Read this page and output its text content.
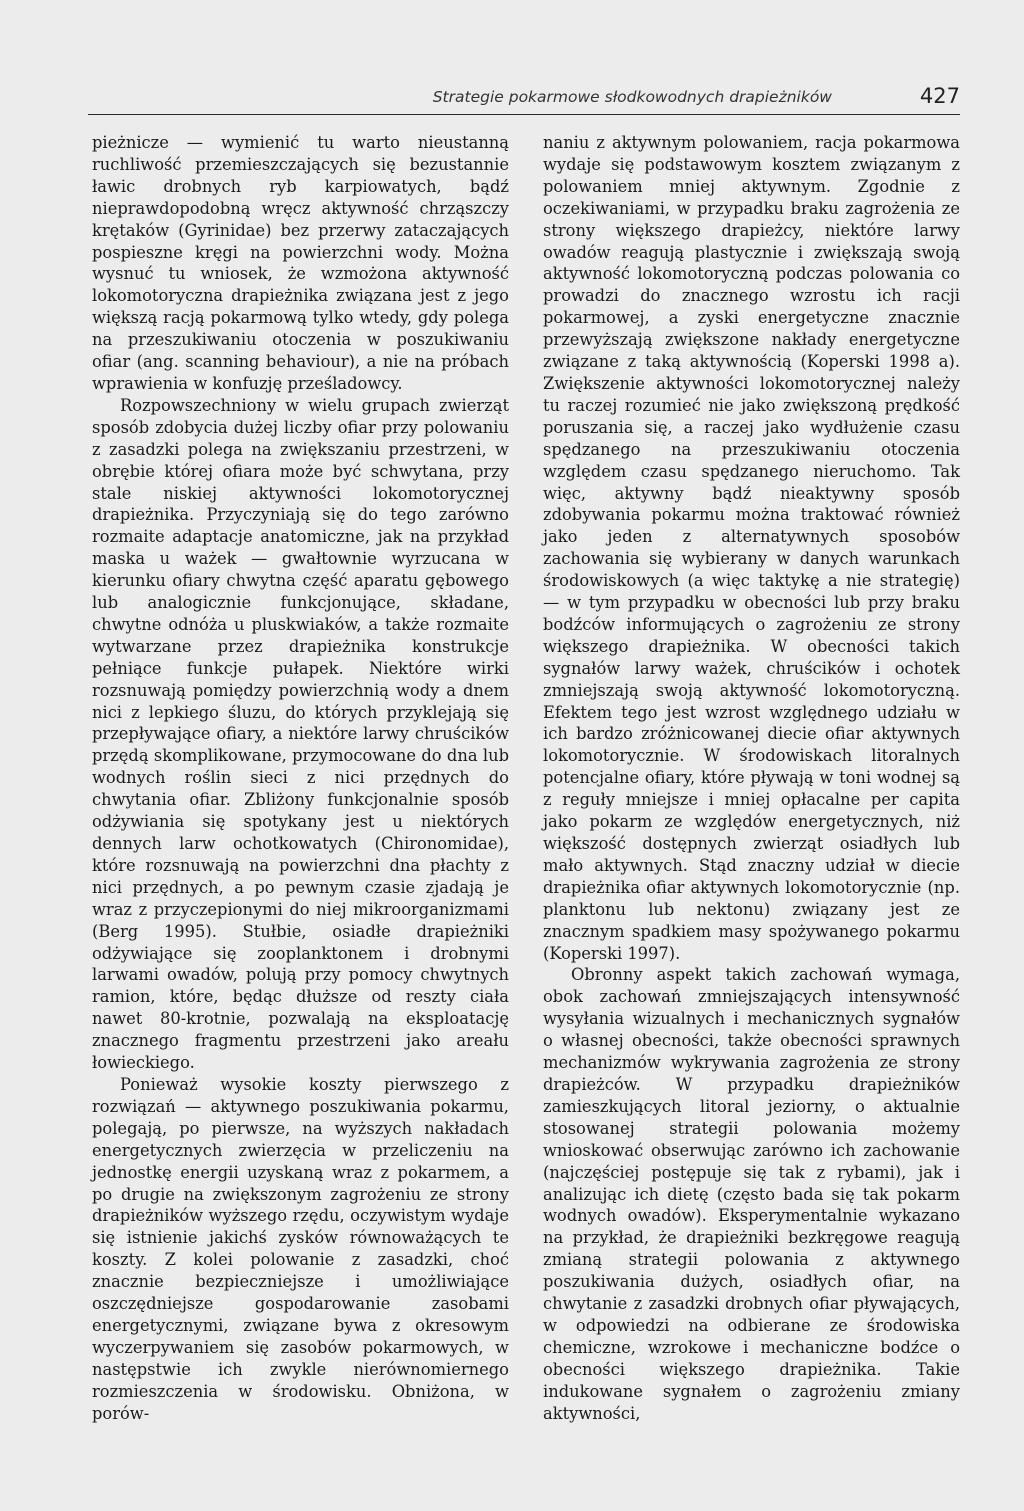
Strategie pokarmowe słodkowodnych drapieżników	427

pieżnicze — wymienić tu warto nieustanną ruchliwość przemieszczających się bezustannie ławic drobnych ryb karpiowatych, bądź nieprawdopodobną wręcz aktywność chrząszczy krętaków (Gyrinidae) bez przerwy zataczających pospieszne kręgi na powierzchni wody. Można wysnuć tu wniosek, że wzmożona aktywność lokomotoryczna drapieżnika związana jest z jego większą racją pokarmową tylko wtedy, gdy polega na przeszukiwaniu otoczenia w poszukiwaniu ofiar (ang. scanning behaviour), a nie na próbach wprawienia w konfuzję prześladowcy.

Rozpowszechniony w wielu grupach zwierząt sposób zdobycia dużej liczby ofiar przy polowaniu z zasadzki polega na zwiększaniu przestrzeni, w obrębie której ofiara może być schwytana, przy stale niskiej aktywności lokomotorycznej drapieżnika. Przyczyniają się do tego zarówno rozmaite adaptacje anatomiczne, jak na przykład maska u ważek — gwałtownie wyrzucana w kierunku ofiary chwytna część aparatu gębowego lub analogicznie funkcjonujące, składane, chwytne odnóża u pluskwiaków, a także rozmaite wytwarzane przez drapieżnika konstrukcje pełniące funkcje pułapek. Niektóre wirki rozsnuwają pomiędzy powierzchnią wody a dnem nici z lepkiego śluzu, do których przyklejają się przepływające ofiary, a niektóre larwy chruścików przędą skomplikowane, przymocowane do dna lub wodnych roślin sieci z nici przędnych do chwytania ofiar. Zbliżony funkcjonalnie sposób odżywiania się spotykany jest u niektórych dennych larw ochotkowatych (Chironomidae), które rozsnuwają na powierzchni dna płachty z nici przędnych, a po pewnym czasie zjadają je wraz z przyczepionymi do niej mikroorganizmami (Berg 1995). Stułbie, osiadłe drapieżniki odżywiające się zooplanktonem i drobnymi larwami owadów, polują przy pomocy chwytnych ramion, które, będąc dłuższe od reszty ciała nawet 80-krotnie, pozwalają na eksploatację znacznego fragmentu przestrzeni jako areału łowieckiego.

Ponieważ wysokie koszty pierwszego z rozwiązań — aktywnego poszukiwania pokarmu, polegają, po pierwsze, na wyższych nakładach energetycznych zwierzęcia w przeliczeniu na jednostkę energii uzyskaną wraz z pokarmem, a po drugie na zwiększonym zagrożeniu ze strony drapieżników wyższego rzędu, oczywistym wydaje się istnienie jakichś zysków równoważących te koszty. Z kolei polowanie z zasadzki, choć znacznie bezpieczniejsze i umożliwiające oszczędniejsze gospodarowanie zasobami energetycznymi, związane bywa z okresowym wyczerpywaniem się zasobów pokarmowych, w następstwie ich zwykle nierównomiernego rozmieszczenia w środowisku. Obniżona, w porów-

naniu z aktywnym polowaniem, racja pokarmowa wydaje się podstawowym kosztem związanym z polowaniem mniej aktywnym. Zgodnie z oczekiwaniami, w przypadku braku zagrożenia ze strony większego drapieżcy, niektóre larwy owadów reagują plastycznie i zwiększają swoją aktywność lokomotoryczną podczas polowania co prowadzi do znacznego wzrostu ich racji pokarmowej, a zyski energetyczne znacznie przewyższają zwiększone nakłady energetyczne związane z taką aktywnością (Koperski 1998 a). Zwiększenie aktywności lokomotorycznej należy tu raczej rozumieć nie jako zwiększoną prędkość poruszania się, a raczej jako wydłużenie czasu spędzanego na przeszukiwaniu otoczenia względem czasu spędzanego nieruchomo. Tak więc, aktywny bądź nieaktywny sposób zdobywania pokarmu można traktować również jako jeden z alternatywnych sposobów zachowania się wybierany w danych warunkach środowiskowych (a więc taktykę a nie strategię) — w tym przypadku w obecności lub przy braku bodźców informujących o zagrożeniu ze strony większego drapieżnika. W obecności takich sygnałów larwy ważek, chruścików i ochotek zmniejszają swoją aktywność lokomotoryczną. Efektem tego jest wzrost względnego udziału w ich bardzo zróżnicowanej diecie ofiar aktywnych lokomotorycznie. W środowiskach litoralnych potencjalne ofiary, które pływają w toni wodnej są z reguły mniejsze i mniej opłacalne per capita jako pokarm ze względów energetycznych, niż większość dostępnych zwierząt osiadłych lub mało aktywnych. Stąd znaczny udział w diecie drapieżnika ofiar aktywnych lokomotorycznie (np. planktonu lub nektonu) związany jest ze znacznym spadkiem masy spożywanego pokarmu (Koperski 1997).

Obronny aspekt takich zachowań wymaga, obok zachowań zmniejszających intensywność wysyłania wizualnych i mechanicznych sygnałów o własnej obecności, także obecności sprawnych mechanizmów wykrywania zagrożenia ze strony drapieżców. W przypadku drapieżników zamieszkujących litoral jeziorny, o aktualnie stosowanej strategii polowania możemy wnioskować obserwując zarówno ich zachowanie (najczęściej postępuje się tak z rybami), jak i analizując ich dietę (często bada się tak pokarm wodnych owadów). Eksperymentalnie wykazano na przykład, że drapieżniki bezkręgowe reagują zmianą strategii polowania z aktywnego poszukiwania dużych, osiadłych ofiar, na chwytanie z zasadzki drobnych ofiar pływających, w odpowiedzi na odbierane ze środowiska chemiczne, wzrokowe i mechaniczne bodźce o obecności większego drapieżnika. Takie indukowane sygnałem o zagrożeniu zmiany aktywności,
